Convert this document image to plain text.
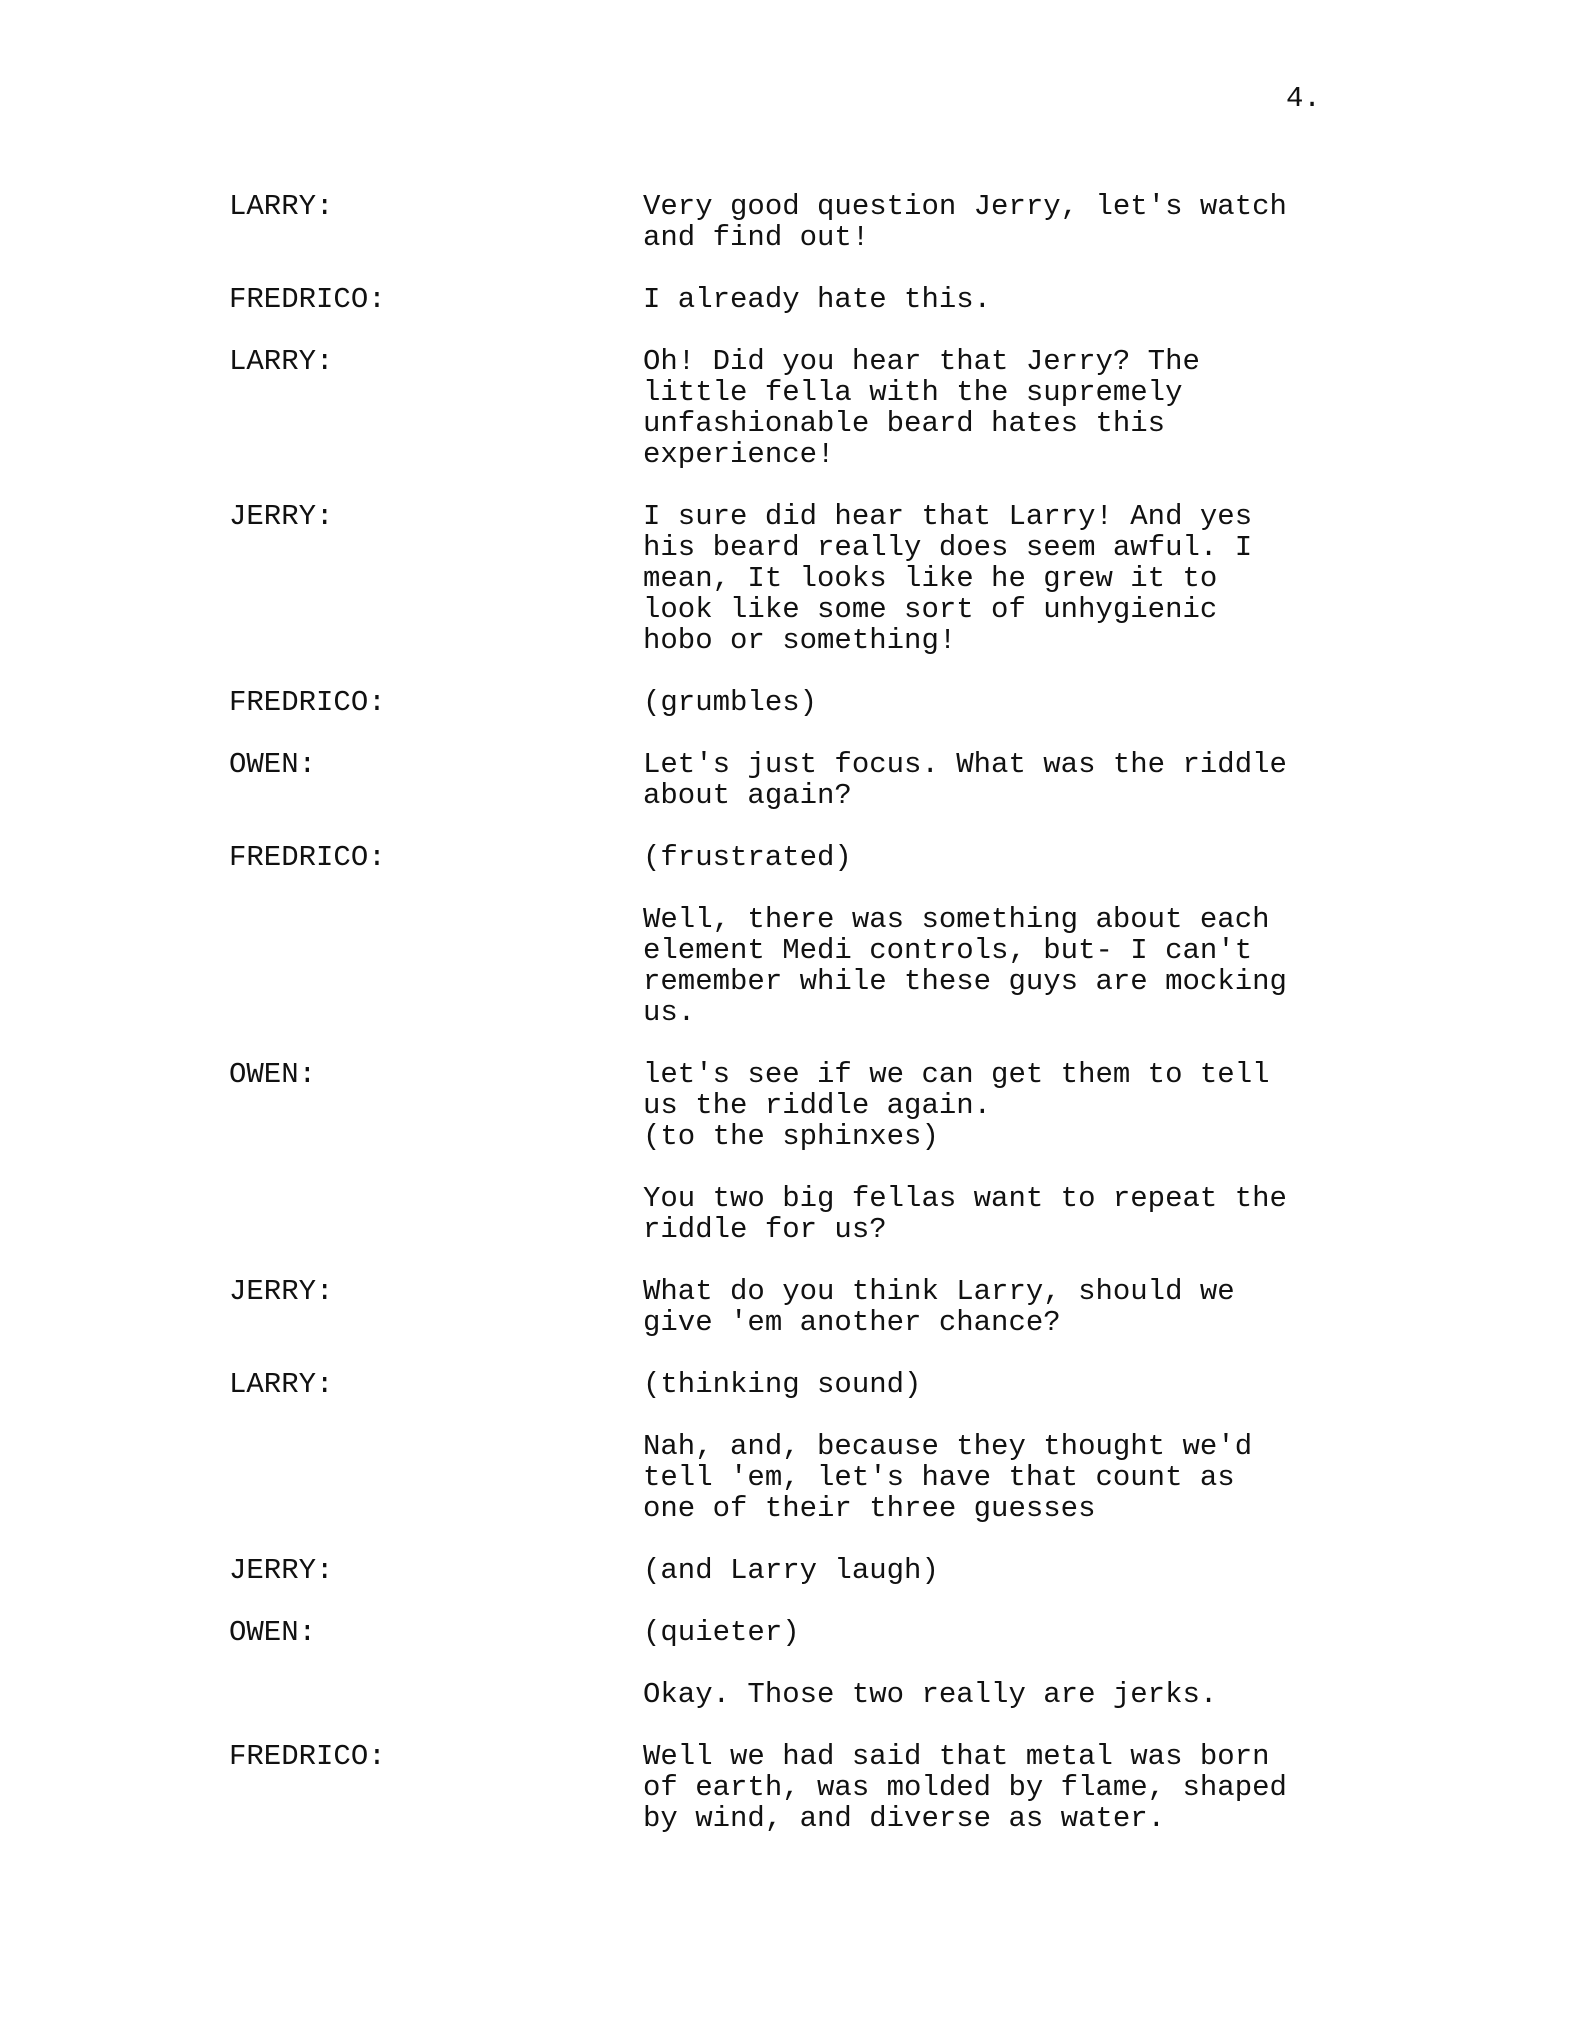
4.
LARRY:	Very good question Jerry, let's watch
and find out!
FREDRICO:	I already hate this.
LARRY:	Oh! Did you hear that Jerry? The
little fella with the supremely
unfashionable beard hates this
experience!
JERRY:	I sure did hear that Larry! And yes
his beard really does seem awful. I
mean, It looks like he grew it to
look like some sort of unhygienic
hobo or something!
FREDRICO:	(grumbles)
OWEN:	Let's just focus. What was the riddle
about again?
FREDRICO:	(frustrated)
Well, there was something about each
element Medi controls, but- I can't
remember while these guys are mocking
us.
OWEN:	let's see if we can get them to tell
us the riddle again.
(to the sphinxes)
You two big fellas want to repeat the
riddle for us?
JERRY:	What do you think Larry, should we
give 'em another chance?
LARRY:	(thinking sound)
Nah, and, because they thought we'd
tell 'em, let's have that count as
one of their three guesses
JERRY:	(and Larry laugh)
OWEN:	(quieter)
Okay. Those two really are jerks.
FREDRICO:	Well we had said that metal was born
of earth, was molded by flame, shaped
by wind, and diverse as water.
